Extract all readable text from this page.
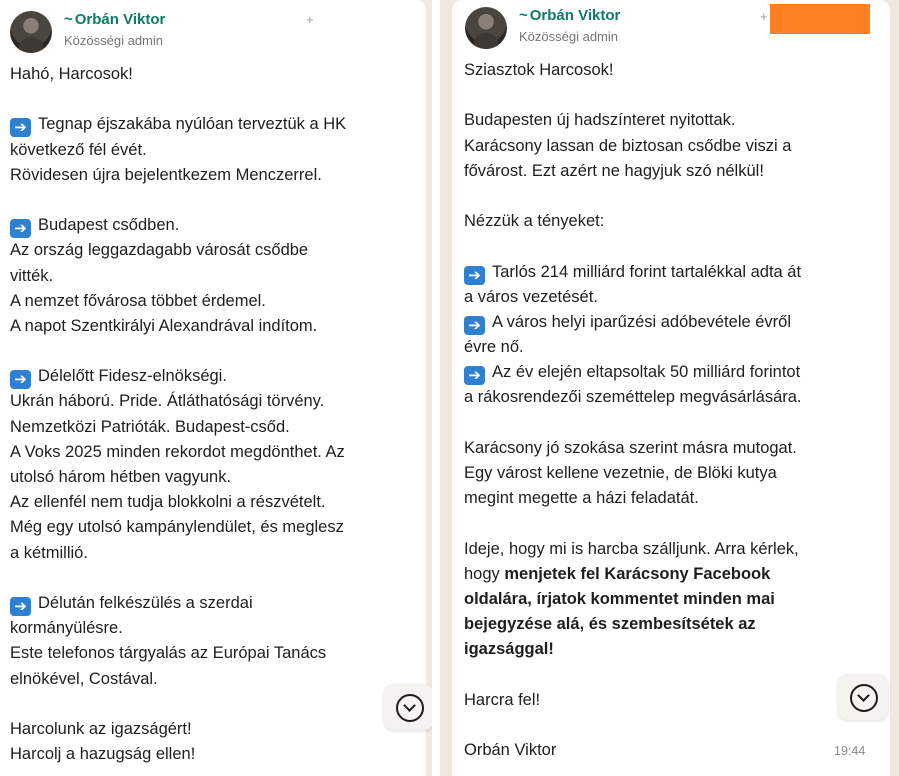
~ Orbán Viktor
Közösségi admin
+
Hahó, Harcosok!
➔ Tegnap éjszakába nyúlóan terveztük a HK
következő fél évét.
Rövidesen újra bejelentkezem Menczerrel.
➔ Budapest csődben.
Az ország leggazdagabb városát csődbe
vitték.
A nemzet fővárosa többet érdemel.
A napot Szentkirályi Alexandrával indítom.
➔ Délelőtt Fidesz-elnökségi.
Ukrán háború. Pride. Átláthatósági törvény.
Nemzetközi Patrióták. Budapest-csőd.
A Voks 2025 minden rekordot megdönthet. Az
utolsó három hétben vagyunk.
Az ellenfél nem tudja blokkolni a részvételt.
Még egy utolsó kampánylendület, és meglesz
a kétmillió.
➔ Délután felkészülés a szerdai
kormányülésre.
Este telefonos tárgyalás az Európai Tanács
elnökével, Costával.
Harcolunk az igazságért!
Harcolj a hazugság ellen!
~ Orbán Viktor
Közösségi admin
+
Sziasztok Harcosok!
Budapesten új hadszínteret nyitottak.
Karácsony lassan de biztosan csődbe viszi a
fővárost. Ezt azért ne hagyjuk szó nélkül!
Nézzük a tényeket:
➔ Tarlós 214 milliárd forint tartalékkal adta át
a város vezetését.
➔ A város helyi iparűzési adóbevétele évről
évre nő.
➔ Az év elején eltapsoltak 50 milliárd forintot
a rákosrendezői szeméttelep megvásárlására.
Karácsony jó szokása szerint másra mutogat.
Egy várost kellene vezetnie, de Blöki kutya
megint megette a házi feladatát.
Ideje, hogy mi is harcba szálljunk. Arra kérlek,
hogy menjetek fel Karácsony Facebook
oldalára, írjatok kommentet minden mai
bejegyzése alá, és szembesítsétek az
igazsággal!
Harcra fel!
Orbán Viktor	19:44
